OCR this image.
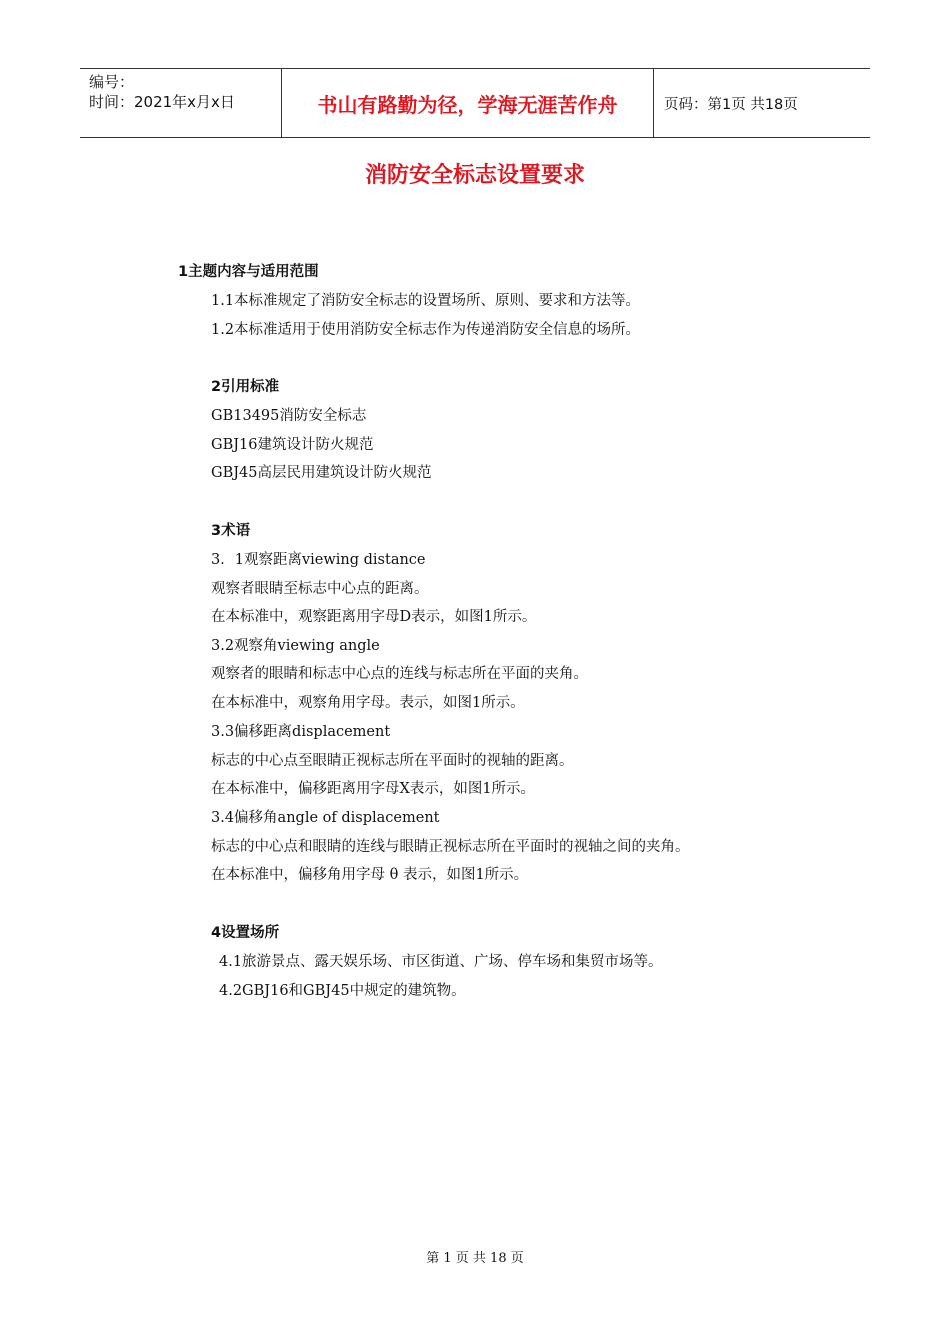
编号：
时间：2021年x月x日	书山有路勤为径，学海无涯苦作舟	页码：第1页 共18页
消防安全标志设置要求
1主题内容与适用范围
1.1本标准规定了消防安全标志的设置场所、原则、要求和方法等。
1.2本标准适用于使用消防安全标志作为传递消防安全信息的场所。
2引用标准
GB13495消防安全标志
GBJ16建筑设计防火规范
GBJ45高层民用建筑设计防火规范
3术语
3．1观察距离viewing distance
观察者眼睛至标志中心点的距离。
在本标准中，观察距离用字母D表示，如图1所示。
3.2观察角viewing angle
观察者的眼睛和标志中心点的连线与标志所在平面的夹角。
在本标准中，观察角用字母。表示，如图1所示。
3.3偏移距离displacement
标志的中心点至眼睛正视标志所在平面时的视轴的距离。
在本标准中，偏移距离用字母X表示，如图1所示。
3.4偏移角angle of displacement
标志的中心点和眼睛的连线与眼睛正视标志所在平面时的视轴之间的夹角。
在本标准中，偏移角用字母 θ 表示，如图1所示。
4设置场所
4.1旅游景点、露天娱乐场、市区街道、广场、停车场和集贸市场等。
4.2GBJ16和GBJ45中规定的建筑物。
第 1 页 共 18 页
